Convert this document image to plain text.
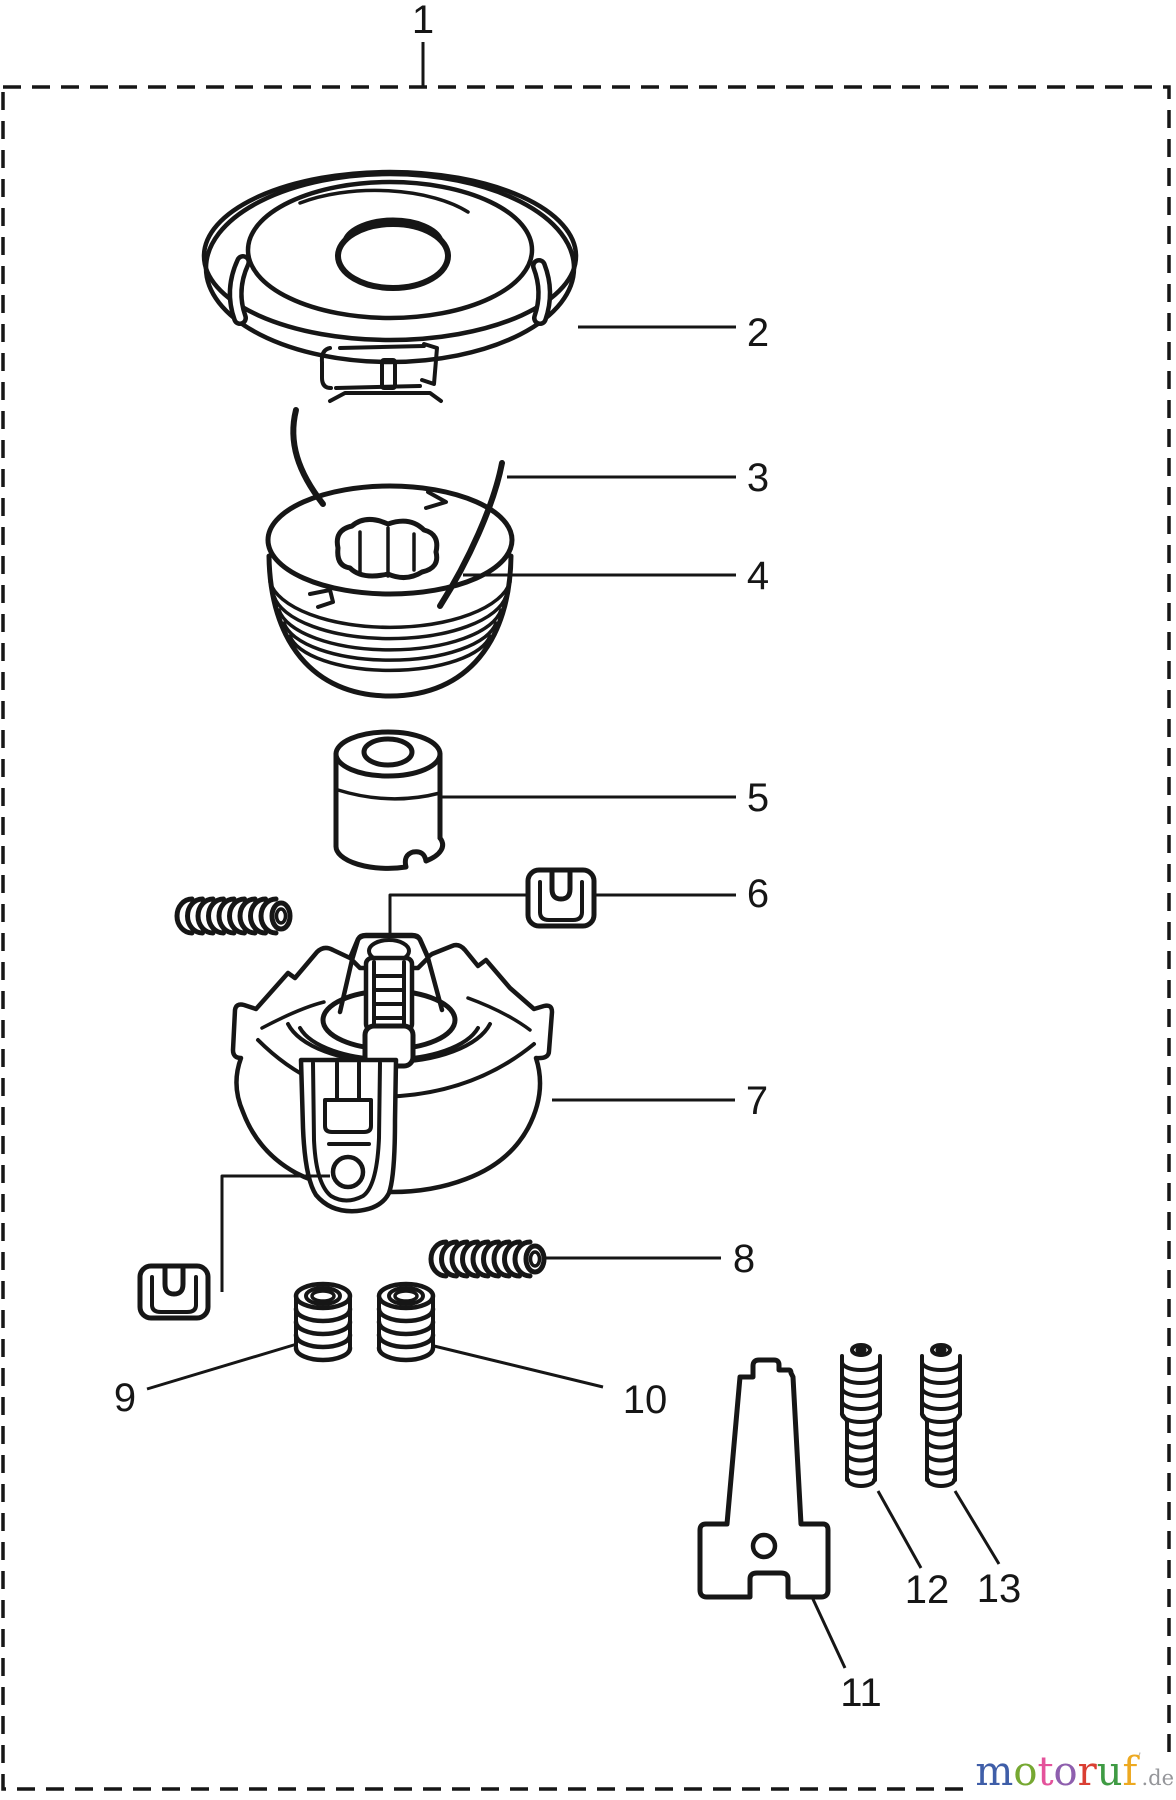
1
2
3
4
5
6
7
8
9	10
11
12 13
motoruf’.de
